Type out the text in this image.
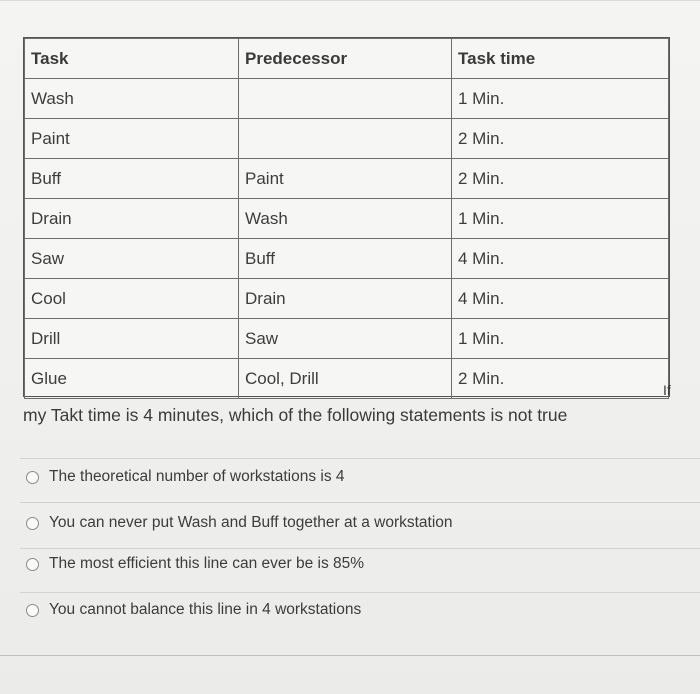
Task	Predecessor	Task time
Wash		1 Min.
Paint		2 Min.
Buff	Paint	2 Min.
Drain	Wash	1 Min.
Saw	Buff	4 Min.
Cool	Drain	4 Min.
Drill	Saw	1 Min.
Glue	Cool, Drill	2 Min.
If
my Takt time is 4 minutes, which of the following statements is not true
The theoretical number of workstations is 4
You can never put Wash and Buff together at a workstation
The most efficient this line can ever be is 85%
You cannot balance this line in 4 workstations
